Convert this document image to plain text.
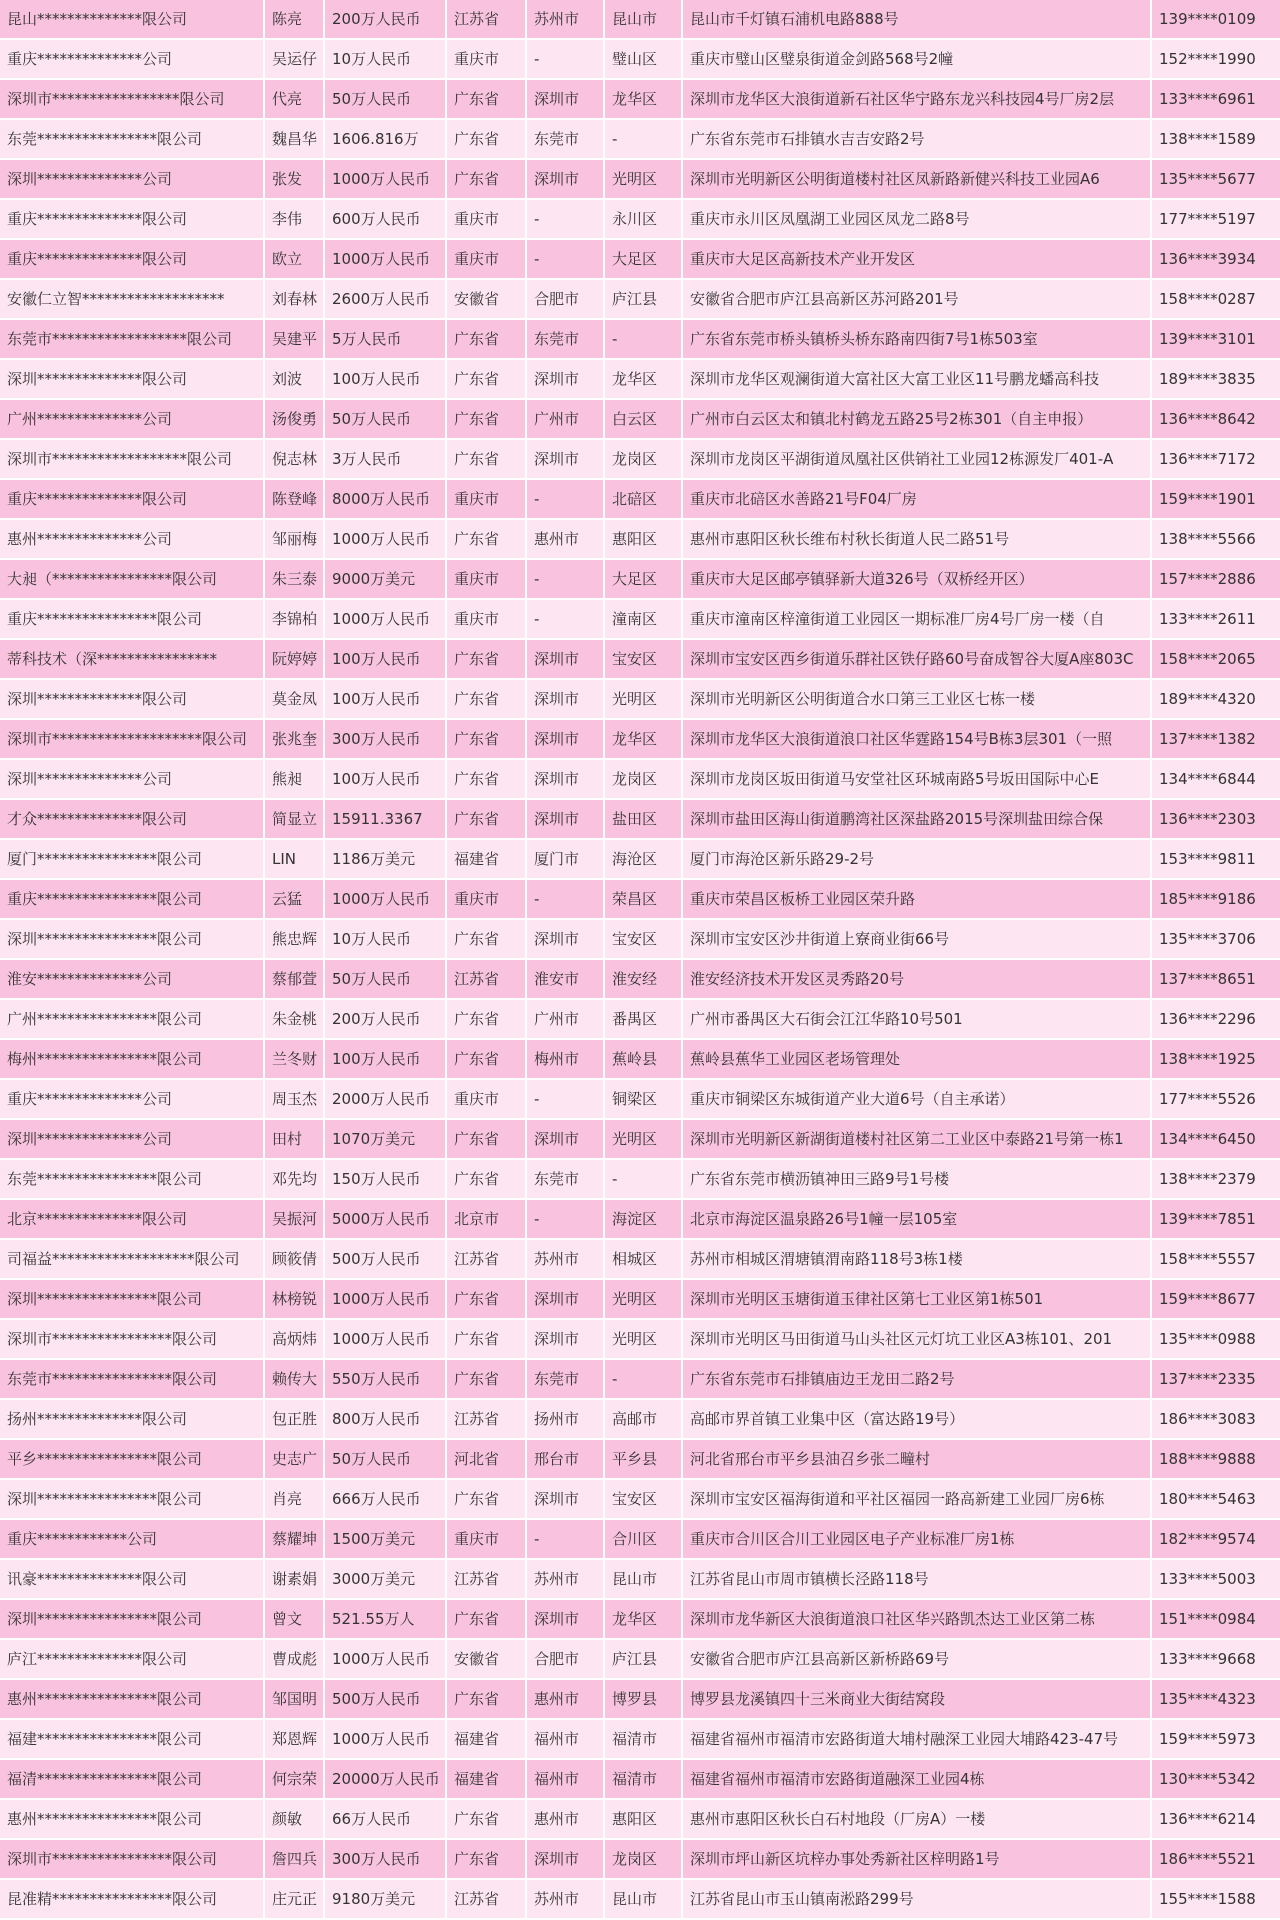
昆山**************限公司	陈亮	200万人民币	江苏省	苏州市	昆山市	昆山市千灯镇石浦机电路888号	139****0109
重庆**************公司	吴运仔 10万人民币	重庆市	-	璧山区	重庆市璧山区璧泉街道金剑路568号2幢	152****1990
深圳市*****************限公司	代亮	50万人民币	广东省	深圳市	龙华区	深圳市龙华区大浪街道新石社区华宁路东龙兴科技园4号厂房2层	133****6961
东莞****************限公司	魏昌华 1606.816万	广东省	东莞市	-	广东省东莞市石排镇水吉吉安路2号	138****1589
深圳**************公司	张发	1000万人民币	广东省	深圳市	光明区	深圳市光明新区公明街道楼村社区凤新路新健兴科技工业园A6	135****5677
重庆**************限公司	李伟	600万人民币	重庆市	-	永川区	重庆市永川区凤凰湖工业园区凤龙二路8号	177****5197
重庆**************限公司	欧立	1000万人民币	重庆市	-	大足区	重庆市大足区高新技术产业开发区	136****3934
安徽仁立智*******************	刘春林 2600万人民币	安徽省	合肥市	庐江县	安徽省合肥市庐江县高新区苏河路201号	158****0287
东莞市******************限公司	吴建平 5万人民币	广东省	东莞市	-	广东省东莞市桥头镇桥头桥东路南四街7号1栋503室	139****3101
深圳**************限公司	刘波	100万人民币	广东省	深圳市	龙华区	深圳市龙华区观澜街道大富社区大富工业区11号鹏龙蟠高科技	189****3835
广州**************公司	汤俊勇 50万人民币	广东省	广州市	白云区	广州市白云区太和镇北村鹤龙五路25号2栋301（自主申报）	136****8642
深圳市******************限公司	倪志林 3万人民币	广东省	深圳市	龙岗区	深圳市龙岗区平湖街道凤凰社区供销社工业园12栋源发厂401-A	136****7172
重庆**************限公司	陈登峰 8000万人民币	重庆市	-	北碚区	重庆市北碚区水善路21号F04厂房	159****1901
惠州**************公司	邹丽梅 1000万人民币	广东省	惠州市	惠阳区	惠州市惠阳区秋长维布村秋长街道人民二路51号	138****5566
大昶（****************限公司	朱三泰 9000万美元	重庆市	-	大足区	重庆市大足区邮亭镇驿新大道326号（双桥经开区）	157****2886
重庆****************限公司	李锦柏 1000万人民币	重庆市	-	潼南区	重庆市潼南区梓潼街道工业园区一期标准厂房4号厂房一楼（自	133****2611
蒂科技术（深****************	阮婷婷 100万人民币	广东省	深圳市	宝安区	深圳市宝安区西乡街道乐群社区铁仔路60号奋成智谷大厦A座803C	158****2065
深圳**************限公司	莫金凤 100万人民币	广东省	深圳市	光明区	深圳市光明新区公明街道合水口第三工业区七栋一楼	189****4320
深圳市********************限公司	张兆奎 300万人民币	广东省	深圳市	龙华区	深圳市龙华区大浪街道浪口社区华霆路154号B栋3层301（一照	137****1382
深圳**************公司	熊昶	100万人民币	广东省	深圳市	龙岗区	深圳市龙岗区坂田街道马安堂社区环城南路5号坂田国际中心E	134****6844
才众**************限公司	简显立 15911.3367	广东省	深圳市	盐田区	深圳市盐田区海山街道鹏湾社区深盐路2015号深圳盐田综合保	136****2303
厦门****************限公司	LIN	1186万美元	福建省	厦门市	海沧区	厦门市海沧区新乐路29-2号	153****9811
重庆****************限公司	云猛	1000万人民币	重庆市	-	荣昌区	重庆市荣昌区板桥工业园区荣升路	185****9186
深圳****************限公司	熊忠辉 10万人民币	广东省	深圳市	宝安区	深圳市宝安区沙井街道上寮商业街66号	135****3706
淮安**************公司	蔡郁萱 50万人民币	江苏省	淮安市	淮安经	淮安经济技术开发区灵秀路20号	137****8651
广州****************限公司	朱金桃 200万人民币	广东省	广州市	番禺区	广州市番禺区大石街会江江华路10号501	136****2296
梅州****************限公司	兰冬财 100万人民币	广东省	梅州市	蕉岭县	蕉岭县蕉华工业园区老场管理处	138****1925
重庆**************公司	周玉杰 2000万人民币	重庆市	-	铜梁区	重庆市铜梁区东城街道产业大道6号（自主承诺）	177****5526
深圳**************公司	田村	1070万美元	广东省	深圳市	光明区	深圳市光明新区新湖街道楼村社区第二工业区中泰路21号第一栋1	134****6450
东莞****************限公司	邓先均 150万人民币	广东省	东莞市	-	广东省东莞市横沥镇神田三路9号1号楼	138****2379
北京**************限公司	吴振河 5000万人民币	北京市	-	海淀区	北京市海淀区温泉路26号1幢一层105室	139****7851
司福益*******************限公司	顾筱倩 500万人民币	江苏省	苏州市	相城区	苏州市相城区渭塘镇渭南路118号3栋1楼	158****5557
深圳****************限公司	林榜锐 1000万人民币	广东省	深圳市	光明区	深圳市光明区玉塘街道玉律社区第七工业区第1栋501	159****8677
深圳市****************限公司	高炳炜 1000万人民币	广东省	深圳市	光明区	深圳市光明区马田街道马山头社区元灯坑工业区A3栋101、201	135****0988
东莞市****************限公司	赖传大 550万人民币	广东省	东莞市	-	广东省东莞市石排镇庙边王龙田二路2号	137****2335
扬州**************限公司	包正胜 800万人民币	江苏省	扬州市	高邮市	高邮市界首镇工业集中区（富达路19号）	186****3083
平乡****************限公司	史志广 50万人民币	河北省	邢台市	平乡县	河北省邢台市平乡县油召乡张二疃村	188****9888
深圳****************限公司	肖亮	666万人民币	广东省	深圳市	宝安区	深圳市宝安区福海街道和平社区福园一路高新建工业园厂房6栋	180****5463
重庆************公司	蔡耀坤 1500万美元	重庆市	-	合川区	重庆市合川区合川工业园区电子产业标准厂房1栋	182****9574
讯豪**************限公司	谢素娟 3000万美元	江苏省	苏州市	昆山市	江苏省昆山市周市镇横长泾路118号	133****5003
深圳****************限公司	曾文	521.55万人	广东省	深圳市	龙华区	深圳市龙华新区大浪街道浪口社区华兴路凯杰达工业区第二栋	151****0984
庐江**************限公司	曹成彪 1000万人民币	安徽省	合肥市	庐江县	安徽省合肥市庐江县高新区新桥路69号	133****9668
惠州****************限公司	邹国明 500万人民币	广东省	惠州市	博罗县	博罗县龙溪镇四十三米商业大街结窝段	135****4323
福建****************限公司	郑恩辉 1000万人民币	福建省	福州市	福清市	福建省福州市福清市宏路街道大埔村融深工业园大埔路423-47号	159****5973
福清****************限公司	何宗荣 20000万人民币 福建省	福州市	福清市	福建省福州市福清市宏路街道融深工业园4栋	130****5342
惠州****************限公司	颜敏	66万人民币	广东省	惠州市	惠阳区	惠州市惠阳区秋长白石村地段（厂房A）一楼	136****6214
深圳市****************限公司	詹四兵 300万人民币	广东省	深圳市	龙岗区	深圳市坪山新区坑梓办事处秀新社区梓明路1号	186****5521
昆准精****************限公司	庄元正 9180万美元	江苏省	苏州市	昆山市	江苏省昆山市玉山镇南淞路299号	155****1588
